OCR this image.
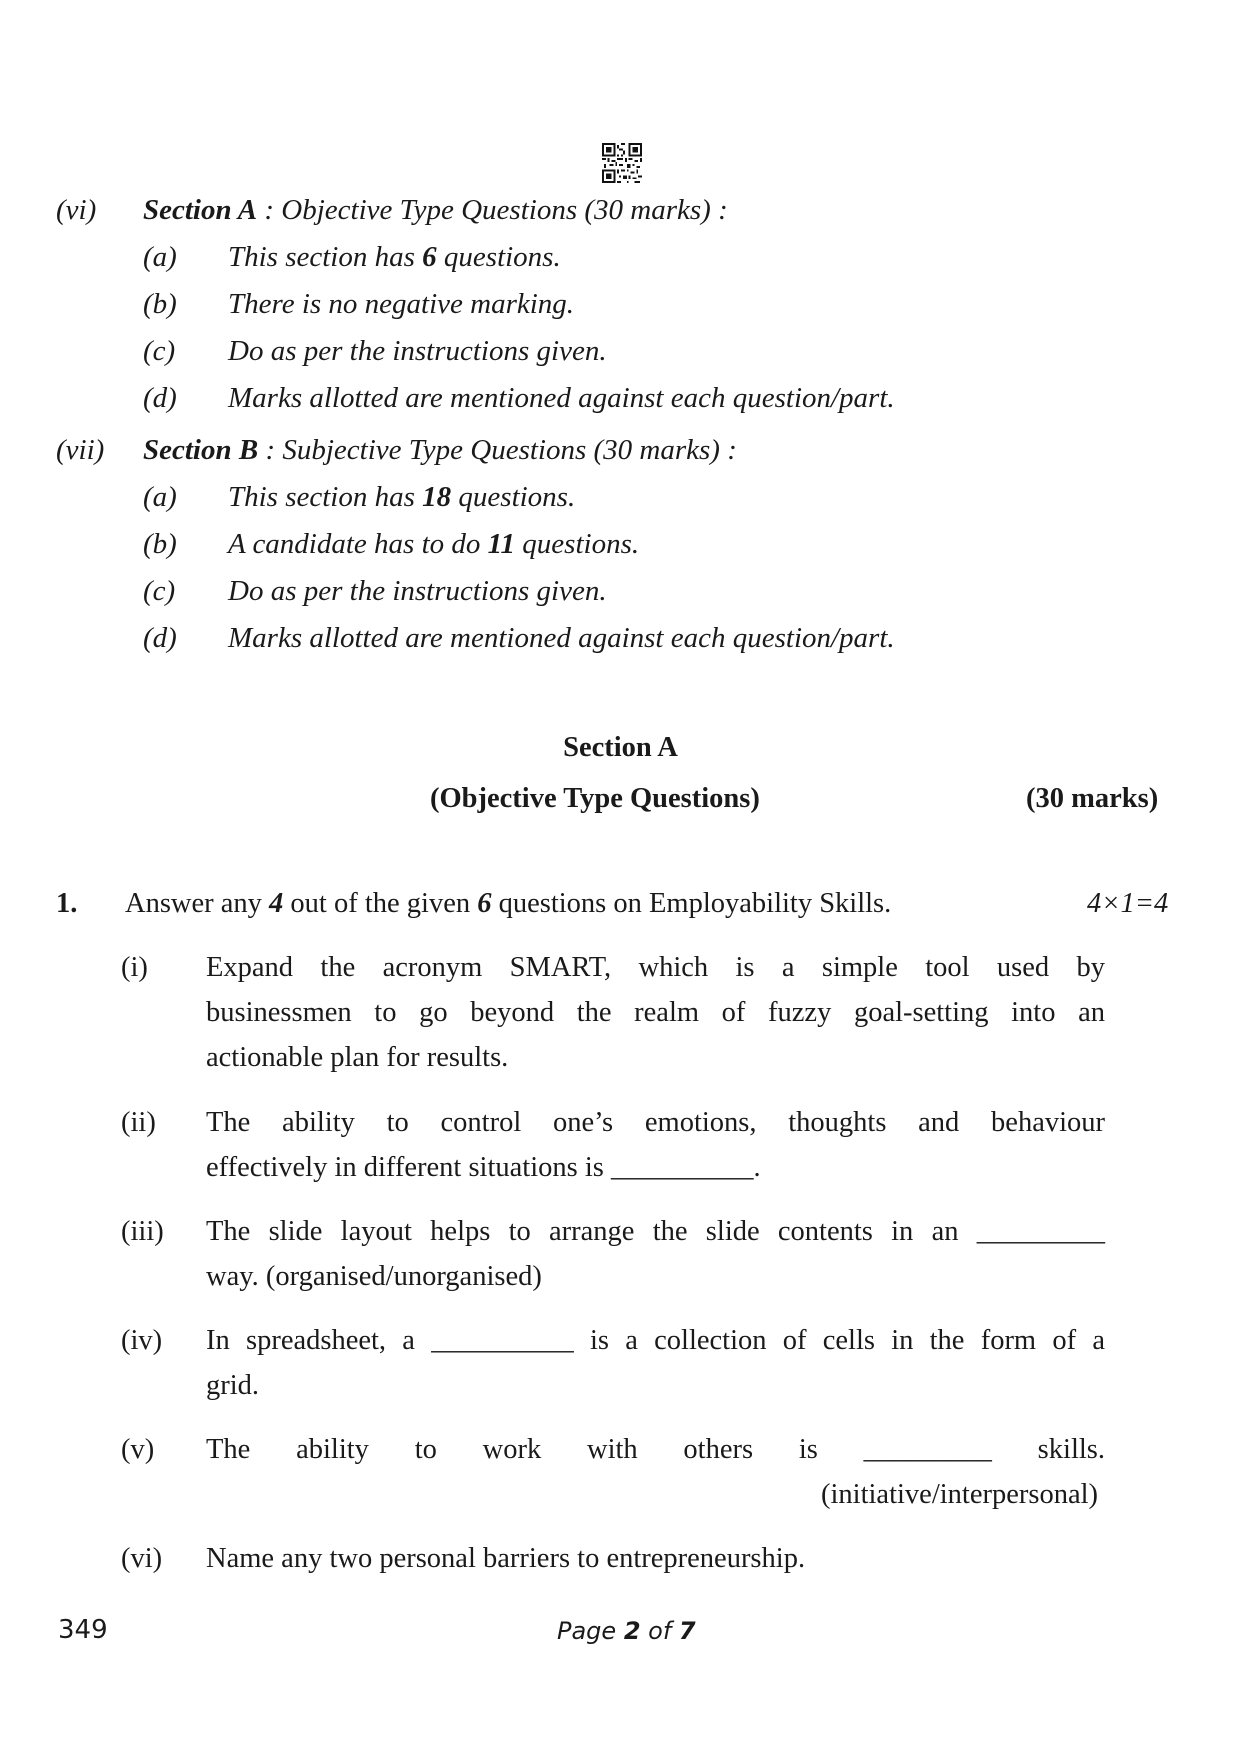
(vi) Section A : Objective Type Questions (30 marks) :
(a) This section has 6 questions.
(b) There is no negative marking.
(c) Do as per the instructions given.
(d) Marks allotted are mentioned against each question/part.
(vii) Section B : Subjective Type Questions (30 marks) :
(a) This section has 18 questions.
(b) A candidate has to do 11 questions.
(c) Do as per the instructions given.
(d) Marks allotted are mentioned against each question/part.
Section A
(Objective Type Questions)	(30 marks)
1. Answer any 4 out of the given 6 questions on Employability Skills.	4×1=4
(i) Expand the acronym SMART, which is a simple tool used by
businessmen to go beyond the realm of fuzzy goal-setting into an
actionable plan for results.
(ii) The ability to control one’s emotions, thoughts and behaviour
effectively in different situations is __________.
(iii) The slide layout helps to arrange the slide contents in an _________
way. (organised/unorganised)
(iv) In spreadsheet, a __________ is a collection of cells in the form of a
grid.
(v) The ability to work with others is _________ skills.
(initiative/interpersonal)
(vi) Name any two personal barriers to entrepreneurship.
349	Page 2 of 7
